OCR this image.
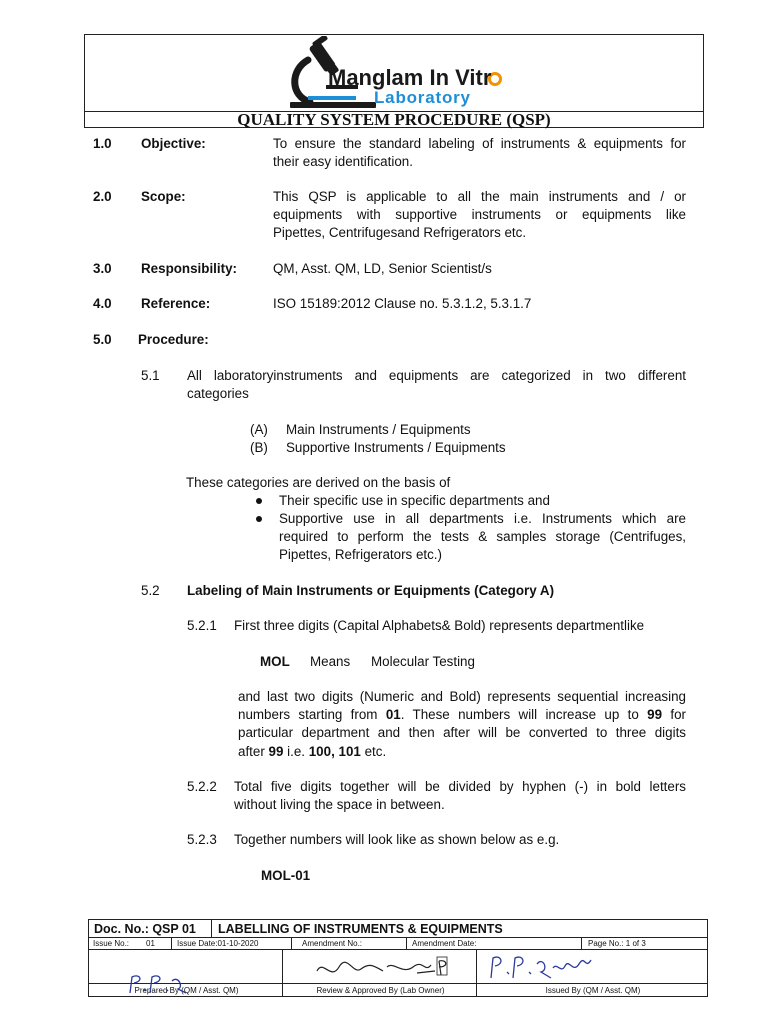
Manglam In Vitr
Laboratory
QUALITY SYSTEM PROCEDURE (QSP)
1.0 Objective:	To ensure the standard labeling of instruments & equipments for
their easy identification.
2.0 Scope:	This QSP is applicable to all the main instruments and / or
equipments with supportive instruments or equipments like
Pipettes, Centrifugesand Refrigerators etc.
3.0 Responsibility:	QM, Asst. QM, LD, Senior Scientist/s
4.0 Reference:	ISO 15189:2012 Clause no. 5.3.1.2, 5.3.1.7
5.0 Procedure:
5.1 All laboratoryinstruments and equipments are categorized in two different
categories
(A) Main Instruments / Equipments
(B) Supportive Instruments / Equipments
These categories are derived on the basis of
Their specific use in specific departments and
Supportive use in all departments i.e. Instruments which are
required to perform the tests & samples storage (Centrifuges,
Pipettes, Refrigerators etc.)
5.2 Labeling of Main Instruments or Equipments (Category A)
5.2.1 First three digits (Capital Alphabets& Bold) represents departmentlike
MOL Means Molecular Testing
and last two digits (Numeric and Bold) represents sequential increasing
numbers starting from 01. These numbers will increase up to 99 for
particular department and then after will be converted to three digits
after 99 i.e. 100, 101 etc.
5.2.2 Total five digits together will be divided by hyphen (-) in bold letters
without living the space in between.
5.2.3 Together numbers will look like as shown below as e.g.
MOL-01
Doc. No.: QSP 01 LABELLING OF INSTRUMENTS & EQUIPMENTS
Issue No.: 01	Issue Date:01-10-2020	Amendment No.:	Amendment Date:	Page No.: 1 of 3
Prepared By (QM / Asst. QM)	Review & Approved By (Lab Owner)	Issued By (QM / Asst. QM)
